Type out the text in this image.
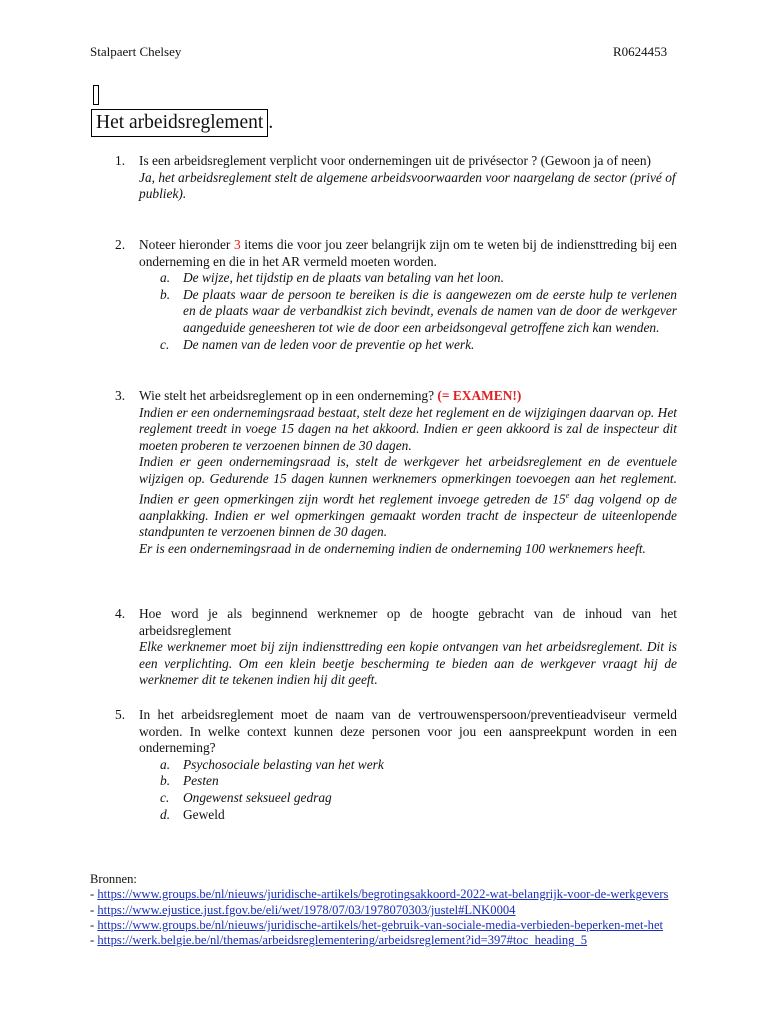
Stalpaert Chelsey	R0624453
Het arbeidsreglement .
1. Is een arbeidsreglement verplicht voor ondernemingen uit de privésector ? (Gewoon ja of neen)
Ja, het arbeidsreglement stelt de algemene arbeidsvoorwaarden voor naargelang de sector (privé of publiek).
2. Noteer hieronder 3 items die voor jou zeer belangrijk zijn om te weten bij de indiensttreding bij een onderneming en die in het AR vermeld moeten worden.
a. De wijze, het tijdstip en de plaats van betaling van het loon.
b. De plaats waar de persoon te bereiken is die is aangewezen om de eerste hulp te verlenen en de plaats waar de verbandkist zich bevindt, evenals de namen van de door de werkgever aangeduide geneesheren tot wie de door een arbeidsongeval getroffene zich kan wenden.
c. De namen van de leden voor de preventie op het werk.
3. Wie stelt het arbeidsreglement op in een onderneming? (= EXAMEN!)
Indien er een ondernemingsraad bestaat, stelt deze het reglement en de wijzigingen daarvan op. Het reglement treedt in voege 15 dagen na het akkoord. Indien er geen akkoord is zal de inspecteur dit moeten proberen te verzoenen binnen de 30 dagen.
Indien er geen ondernemingsraad is, stelt de werkgever het arbeidsreglement en de eventuele wijzigen op. Gedurende 15 dagen kunnen werknemers opmerkingen toevoegen aan het reglement. Indien er geen opmerkingen zijn wordt het reglement invoege getreden de 15e dag volgend op de aanplakking. Indien er wel opmerkingen gemaakt worden tracht de inspecteur de uiteenlopende standpunten te verzoenen binnen de 30 dagen.
Er is een ondernemingsraad in de onderneming indien de onderneming 100 werknemers heeft.
4. Hoe word je als beginnend werknemer op de hoogte gebracht van de inhoud van het arbeidsreglement
Elke werknemer moet bij zijn indiensttreding een kopie ontvangen van het arbeidsreglement. Dit is een verplichting. Om een klein beetje bescherming te bieden aan de werkgever vraagt hij de werknemer dit te tekenen indien hij dit geeft.
5. In het arbeidsreglement moet de naam van de vertrouwenspersoon/preventieadviseur vermeld worden. In welke context kunnen deze personen voor jou een aanspreekpunt worden in een onderneming?
a. Psychosociale belasting van het werk
b. Pesten
c. Ongewenst seksueel gedrag
d. Geweld
Bronnen:
- https://www.groups.be/nl/nieuws/juridische-artikels/begrotingsakkoord-2022-wat-belangrijk-voor-de-werkgevers
- https://www.ejustice.just.fgov.be/eli/wet/1978/07/03/1978070303/justel#LNK0004
- https://www.groups.be/nl/nieuws/juridische-artikels/het-gebruik-van-sociale-media-verbieden-beperken-met-het
- https://werk.belgie.be/nl/themas/arbeidsreglementering/arbeidsreglement?id=397#toc_heading_5
